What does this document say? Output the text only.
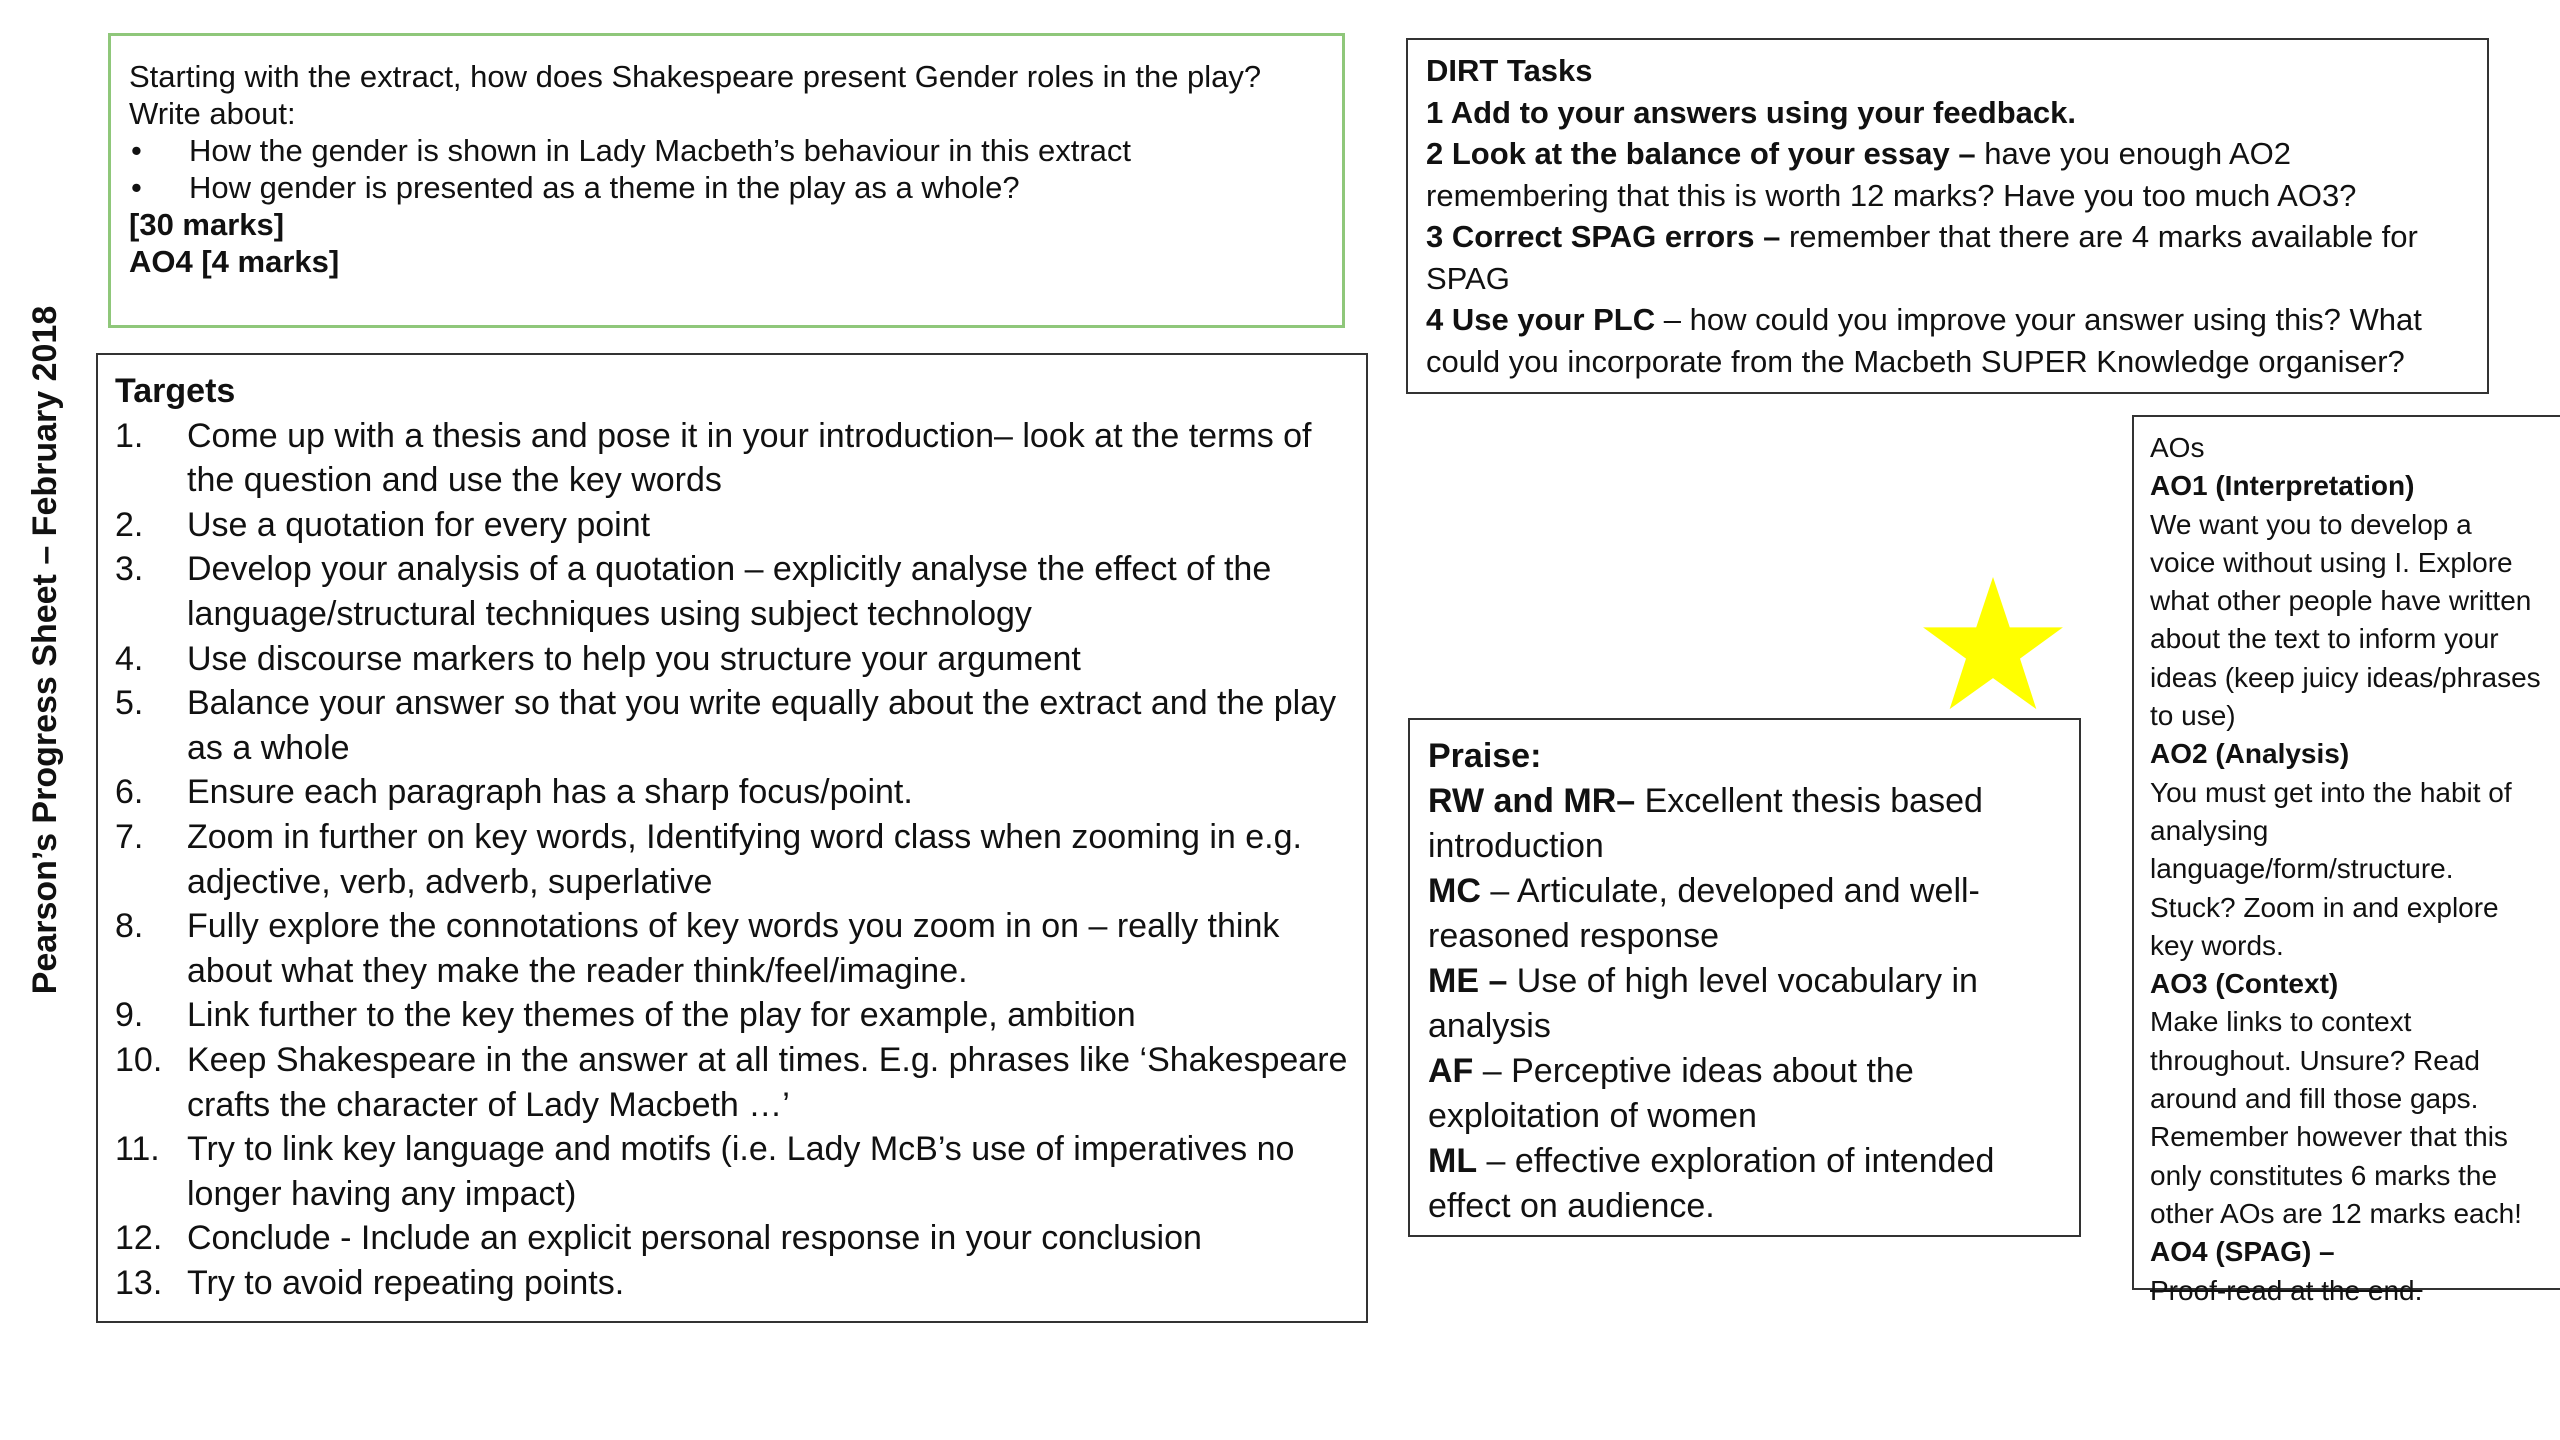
Pearson’s Progress Sheet – February 2018
Starting with the extract, how does Shakespeare present Gender roles in the play?
Write about:
• How the gender is shown in Lady Macbeth’s behaviour in this extract
• How gender is presented as a theme in the play as a whole?
[30 marks]
AO4 [4 marks]
DIRT Tasks
1 Add to your answers using your feedback.
2 Look at the balance of your essay – have you enough AO2 remembering that this is worth 12 marks? Have you too much AO3?
3 Correct SPAG errors – remember that there are 4 marks available for SPAG
4 Use your PLC – how could you improve your answer using this? What could you incorporate from the Macbeth SUPER Knowledge organiser?
Targets
1.	Come up with a thesis and pose it in your introduction– look at the terms of the question and use the key words
2.	Use a quotation for every point
3.	Develop your analysis of a quotation – explicitly analyse the effect of the language/structural techniques using subject technology
4.	Use discourse markers to help you structure your argument
5.	Balance your answer so that you write equally about the extract and the play as a whole
6.	Ensure each paragraph has a sharp focus/point.
7.	Zoom in further on key words, Identifying word class when zooming in e.g. adjective, verb, adverb, superlative
8.	Fully explore the connotations of key words you zoom in on – really think about what they make the reader think/feel/imagine.
9.	Link further to the key themes of the play for example, ambition
10. Keep Shakespeare in the answer at all times. E.g. phrases like ‘Shakespeare crafts the character of Lady Macbeth …’
11. Try to link key language and motifs (i.e. Lady McB’s use of imperatives no longer having any impact)
12. Conclude - Include an explicit personal response in your conclusion
13. Try to avoid repeating points.
Praise:
RW and MR– Excellent thesis based introduction
MC – Articulate, developed and well-reasoned response
ME – Use of high level vocabulary in analysis
AF – Perceptive ideas about the exploitation of women
ML – effective exploration of intended effect on audience.
AOs
AO1 (Interpretation)
We want you to develop a voice without using I. Explore what other people have written about the text to inform your ideas (keep juicy ideas/phrases to use)
AO2 (Analysis)
You must get into the habit of analysing language/form/structure. Stuck? Zoom in and explore key words.
AO3 (Context)
Make links to context throughout. Unsure? Read around and fill those gaps. Remember however that this only constitutes 6 marks the other AOs are 12 marks each!
AO4 (SPAG) –
Proof-read at the end.
